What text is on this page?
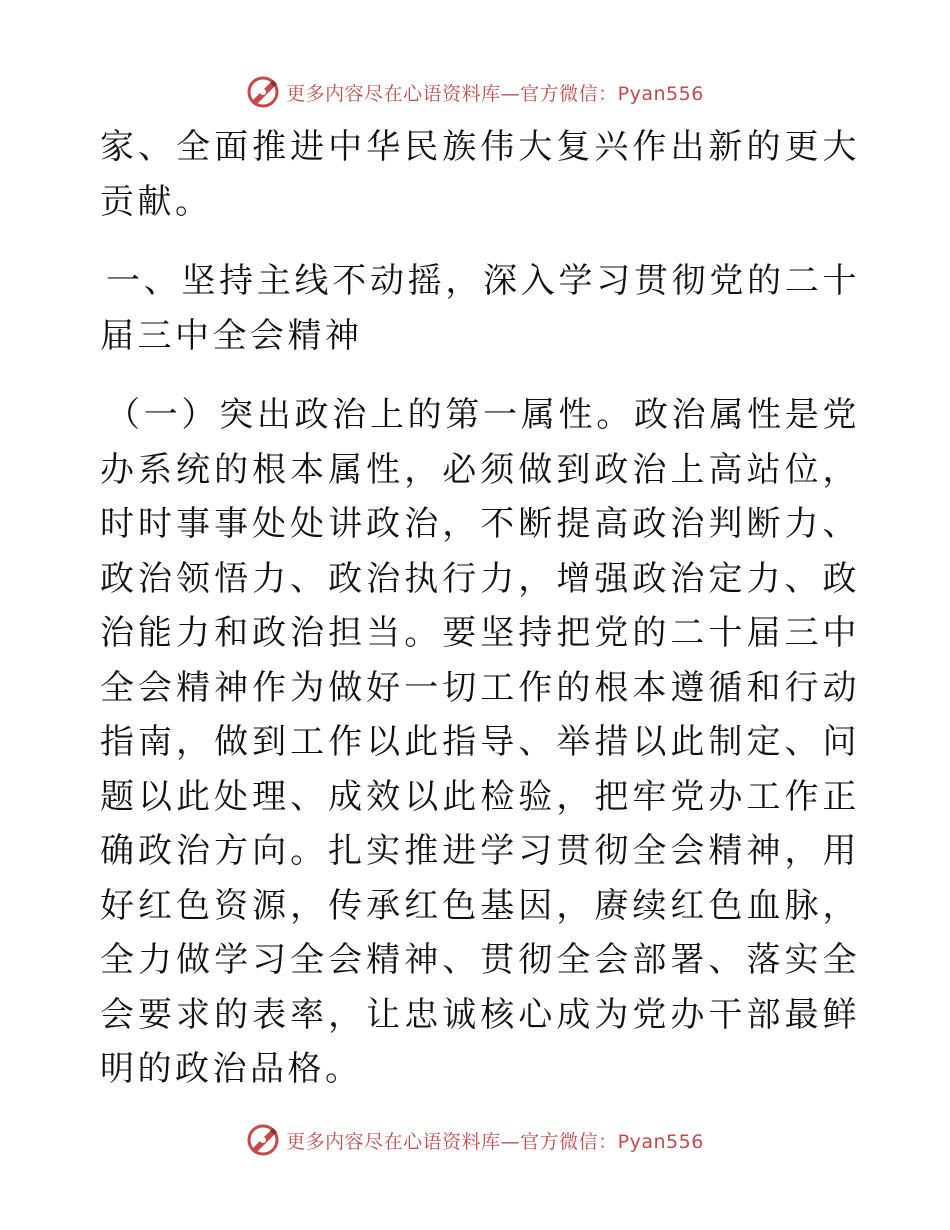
更多内容尽在心语资料库—官方微信：Pyan556

家、全面推进中华民族伟大复兴作出新的更大贡献。

一、坚持主线不动摇，深入学习贯彻党的二十届三中全会精神

（一）突出政治上的第一属性。政治属性是党办系统的根本属性，必须做到政治上高站位，时时事事处处讲政治，不断提高政治判断力、政治领悟力、政治执行力，增强政治定力、政治能力和政治担当。要坚持把党的二十届三中全会精神作为做好一切工作的根本遵循和行动指南，做到工作以此指导、举措以此制定、问题以此处理、成效以此检验，把牢党办工作正确政治方向。扎实推进学习贯彻全会精神，用好红色资源，传承红色基因，赓续红色血脉，全力做学习全会精神、贯彻全会部署、落实全会要求的表率，让忠诚核心成为党办干部最鲜明的政治品格。

更多内容尽在心语资料库—官方微信：Pyan556
